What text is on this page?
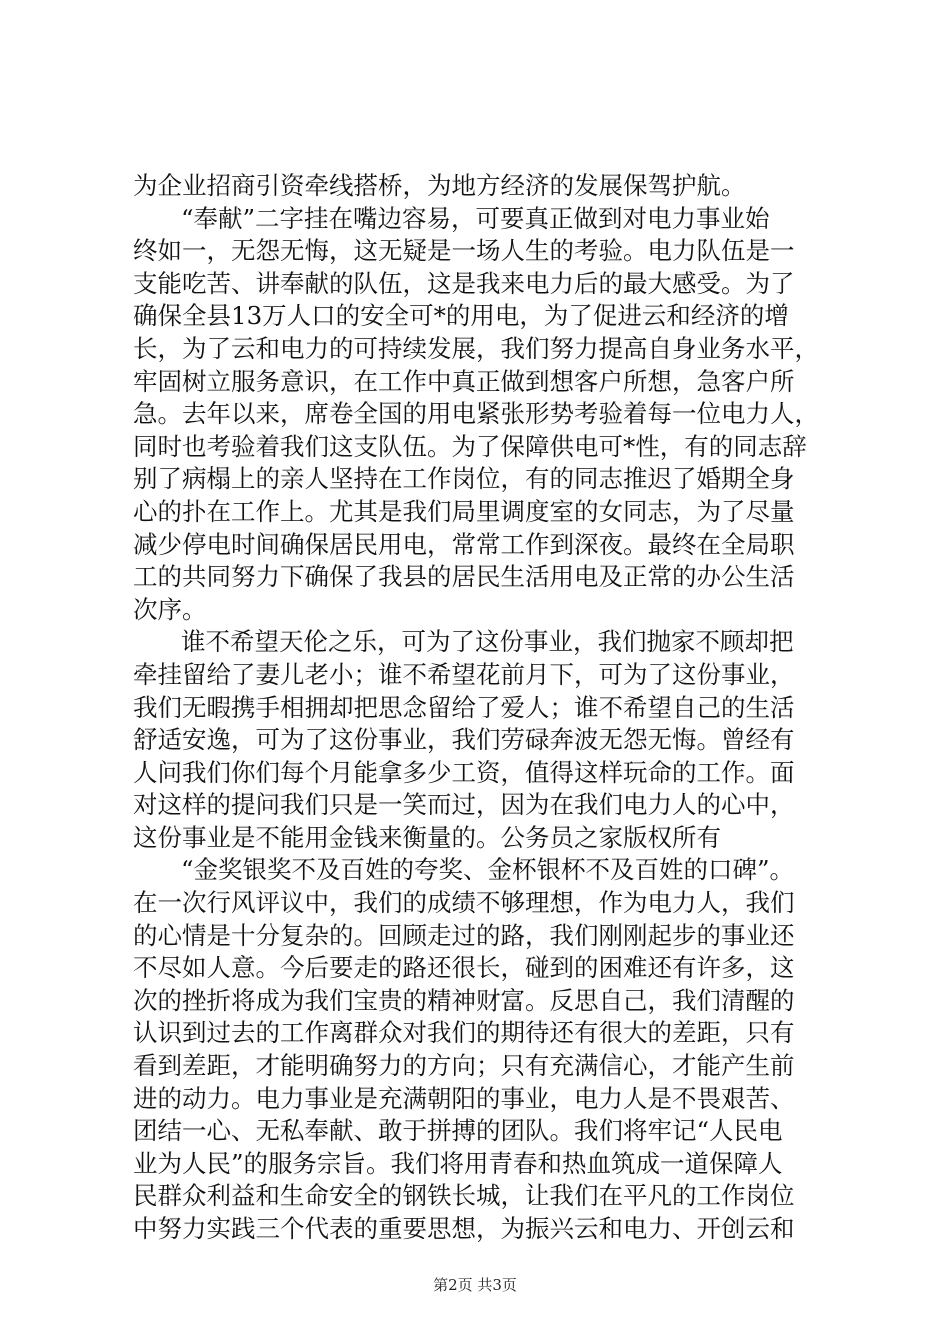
为企业招商引资牵线搭桥，为地方经济的发展保驾护航。
“奉献”二字挂在嘴边容易，可要真正做到对电力事业始
终如一，无怨无悔，这无疑是一场人生的考验。电力队伍是一
支能吃苦、讲奉献的队伍，这是我来电力后的最大感受。为了
确保全县13万人口的安全可*的用电，为了促进云和经济的增
长，为了云和电力的可持续发展，我们努力提高自身业务水平，
牢固树立服务意识，在工作中真正做到想客户所想，急客户所
急。去年以来，席卷全国的用电紧张形势考验着每一位电力人，
同时也考验着我们这支队伍。为了保障供电可*性，有的同志辞
别了病榻上的亲人坚持在工作岗位，有的同志推迟了婚期全身
心的扑在工作上。尤其是我们局里调度室的女同志，为了尽量
减少停电时间确保居民用电，常常工作到深夜。最终在全局职
工的共同努力下确保了我县的居民生活用电及正常的办公生活
次序。
谁不希望天伦之乐，可为了这份事业，我们抛家不顾却把
牵挂留给了妻儿老小；谁不希望花前月下，可为了这份事业，
我们无暇携手相拥却把思念留给了爱人；谁不希望自己的生活
舒适安逸，可为了这份事业，我们劳碌奔波无怨无悔。曾经有
人问我们你们每个月能拿多少工资，值得这样玩命的工作。面
对这样的提问我们只是一笑而过，因为在我们电力人的心中，
这份事业是不能用金钱来衡量的。公务员之家版权所有
“金奖银奖不及百姓的夸奖、金杯银杯不及百姓的口碑”。
在一次行风评议中，我们的成绩不够理想，作为电力人，我们
的心情是十分复杂的。回顾走过的路，我们刚刚起步的事业还
不尽如人意。今后要走的路还很长，碰到的困难还有许多，这
次的挫折将成为我们宝贵的精神财富。反思自己，我们清醒的
认识到过去的工作离群众对我们的期待还有很大的差距，只有
看到差距，才能明确努力的方向；只有充满信心，才能产生前
进的动力。电力事业是充满朝阳的事业，电力人是不畏艰苦、
团结一心、无私奉献、敢于拼搏的团队。我们将牢记“人民电
业为人民”的服务宗旨。我们将用青春和热血筑成一道保障人
民群众利益和生命安全的钢铁长城，让我们在平凡的工作岗位
中努力实践三个代表的重要思想，为振兴云和电力、开创云和
第2页 共3页
